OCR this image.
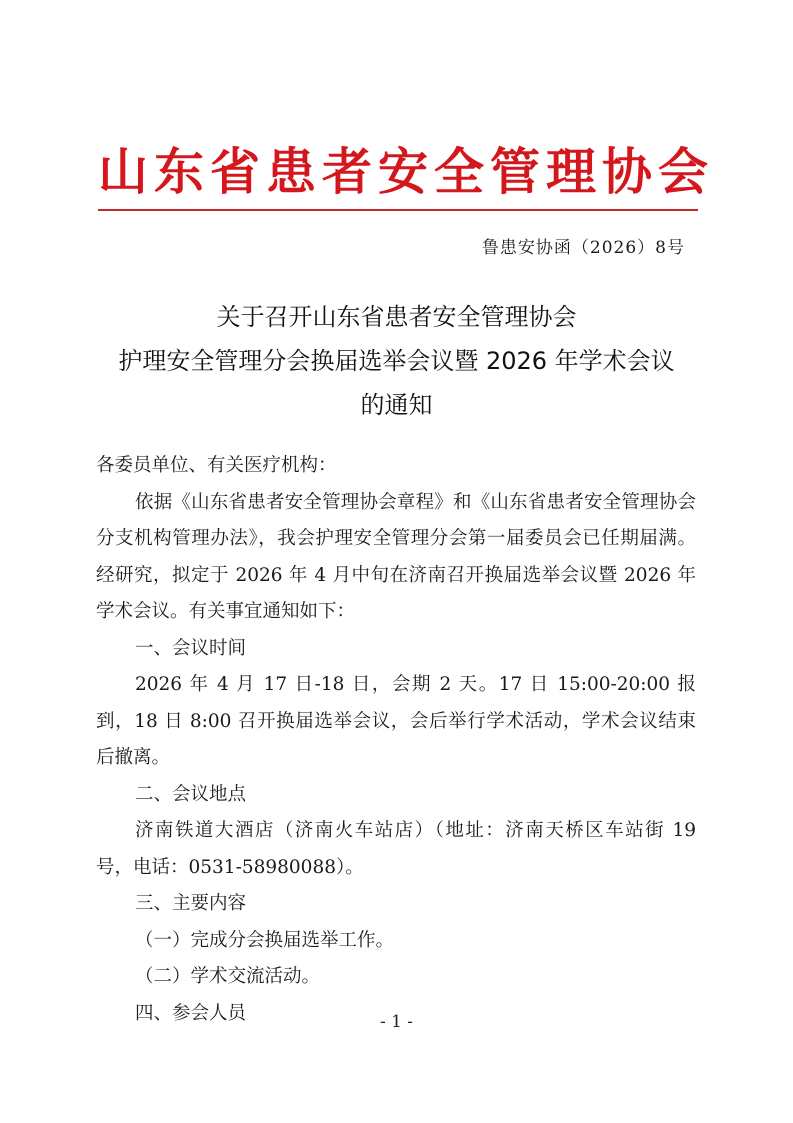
山东省患者安全管理协会
鲁患安协函（2026）8号
关于召开山东省患者安全管理协会
护理安全管理分会换届选举会议暨 2026 年学术会议
的通知

各委员单位、有关医疗机构：

依据《山东省患者安全管理协会章程》和《山东省患者安全管理协会分支机构管理办法》，我会护理安全管理分会第一届委员会已任期届满。经研究，拟定于 2026 年 4 月中旬在济南召开换届选举会议暨 2026 年学术会议。有关事宜通知如下：

一、会议时间

2026 年 4 月 17 日-18 日，会期 2 天。17 日 15:00-20:00 报到，18 日 8:00 召开换届选举会议，会后举行学术活动，学术会议结束后撤离。

二、会议地点

济南铁道大酒店（济南火车站店）（地址：济南天桥区车站街 19 号，电话：0531-58980088）。

三、主要内容

（一）完成分会换届选举工作。

（二）学术交流活动。

四、参会人员	- 1 -
